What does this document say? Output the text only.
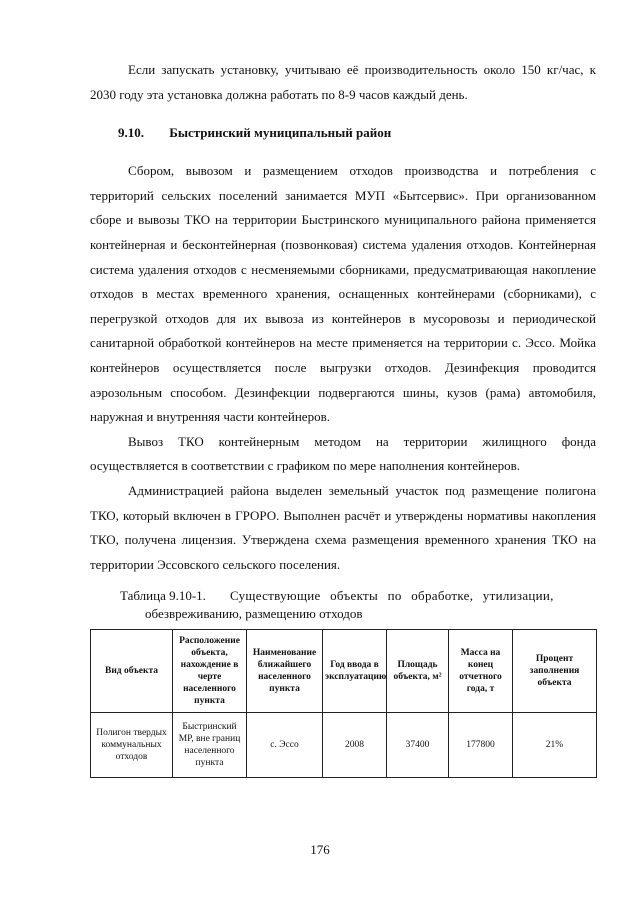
Если запускать установку, учитываю её производительность около 150 кг/час, к 2030 году эта установка должна работать по 8-9 часов каждый день.

9.10. Быстринский муниципальный район

Сбором, вывозом и размещением отходов производства и потребления с территорий сельских поселений занимается МУП «Бытсервис». При организованном сборе и вывозы ТКО на территории Быстринского муниципального района применяется контейнерная и бесконтейнерная (позвонковая) система удаления отходов. Контейнерная система удаления отходов с несменяемыми сборниками, предусматривающая накопление отходов в местах временного хранения, оснащенных контейнерами (сборниками), с перегрузкой отходов для их вывоза из контейнеров в мусоровозы и периодической санитарной обработкой контейнеров на месте применяется на территории с. Эссо. Мойка контейнеров осуществляется после выгрузки отходов. Дезинфекция проводится аэрозольным способом. Дезинфекции подвергаются шины, кузов (рама) автомобиля, наружная и внутренняя части контейнеров.

Вывоз ТКО контейнерным методом на территории жилищного фонда осуществляется в соответствии с графиком по мере наполнения контейнеров.

Администрацией района выделен земельный участок под размещение полигона ТКО, который включен в ГРОРО. Выполнен расчёт и утверждены нормативы накопления ТКО, получена лицензия. Утверждена схема размещения временного хранения ТКО на территории Эссовского сельского поселения.

Таблица 9.10-1. Существующие объекты по обработке, утилизации,
обезвреживанию, размещению отходов
Вид объекта	Расположение объекта, нахождение в черте населенного пункта	Наименование ближайшего населенного пункта	Год ввода в эксплуатацию	Площадь объекта, м²	Масса на конец отчетного года, т	Процент заполнения объекта
Полигон твердых коммунальных отходов	Быстринский МР, вне границ населенного пункта	с. Эссо	2008	37400	177800	21%
176
